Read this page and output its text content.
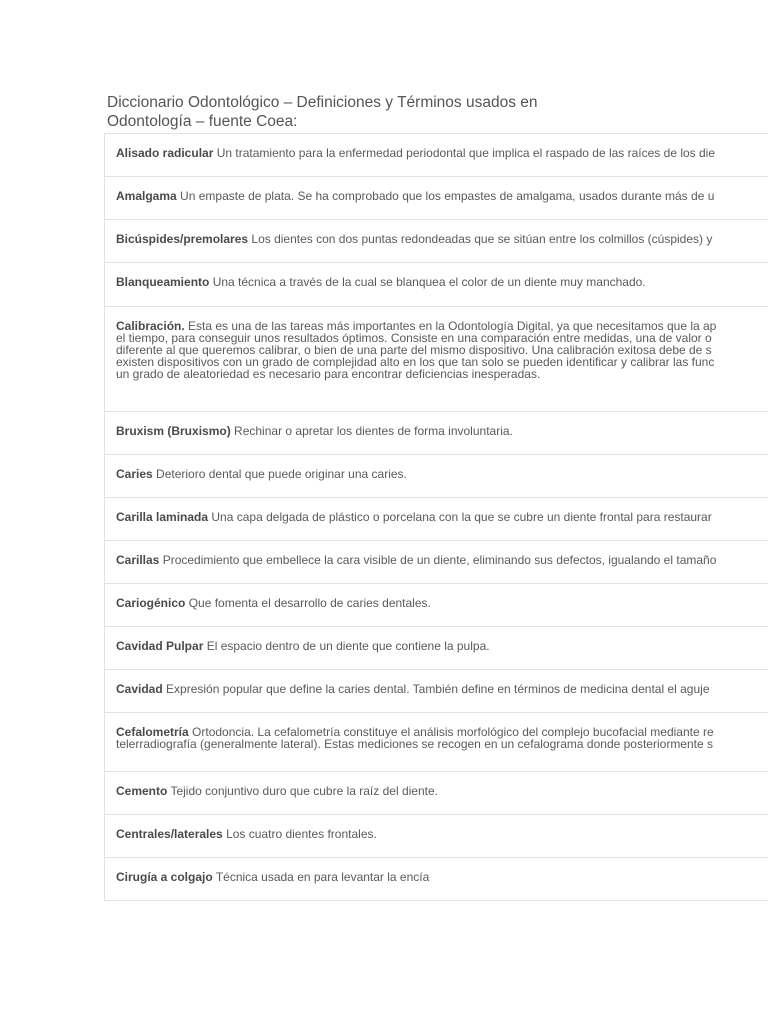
Diccionario Odontológico – Definiciones y Términos usados en
Odontología – fuente Coea:
Alisado radicular Un tratamiento para la enfermedad periodontal que implica el raspado de las raíces de los die
Amalgama Un empaste de plata. Se ha comprobado que los empastes de amalgama, usados durante más de u
Bicúspides/premolares Los dientes con dos puntas redondeadas que se sitúan entre los colmillos (cúspides) y
Blanqueamiento Una técnica a través de la cual se blanquea el color de un diente muy manchado.
Calibración. Esta es una de las tareas más importantes en la Odontología Digital, ya que necesitamos que la ap
el tiempo, para conseguir unos resultados óptimos. Consiste en una comparación entre medidas, una de valor o
diferente al que queremos calibrar, o bien de una parte del mismo dispositivo. Una calibración exitosa debe de s
existen dispositivos con un grado de complejidad alto en los que tan solo se pueden identificar y calibrar las func
un grado de aleatoriedad es necesario para encontrar deficiencias inesperadas.
Bruxism (Bruxismo) Rechinar o apretar los dientes de forma involuntaria.
Caries Deterioro dental que puede originar una caries.
Carilla laminada Una capa delgada de plástico o porcelana con la que se cubre un diente frontal para restaurar
Carillas Procedimiento que embellece la cara visible de un diente, eliminando sus defectos, igualando el tamaño
Cariogénico Que fomenta el desarrollo de caries dentales.
Cavidad Pulpar El espacio dentro de un diente que contiene la pulpa.
Cavidad Expresión popular que define la caries dental. También define en términos de medicina dental el aguje
Cefalometría Ortodoncia. La cefalometría constituye el análisis morfológico del complejo bucofacial mediante re
telerradiografía (generalmente lateral). Estas mediciones se recogen en un cefalograma donde posteriormente s
Cemento Tejido conjuntivo duro que cubre la raíz del diente.
Centrales/laterales Los cuatro dientes frontales.
Cirugía a colgajo Técnica usada en para levantar la encía
